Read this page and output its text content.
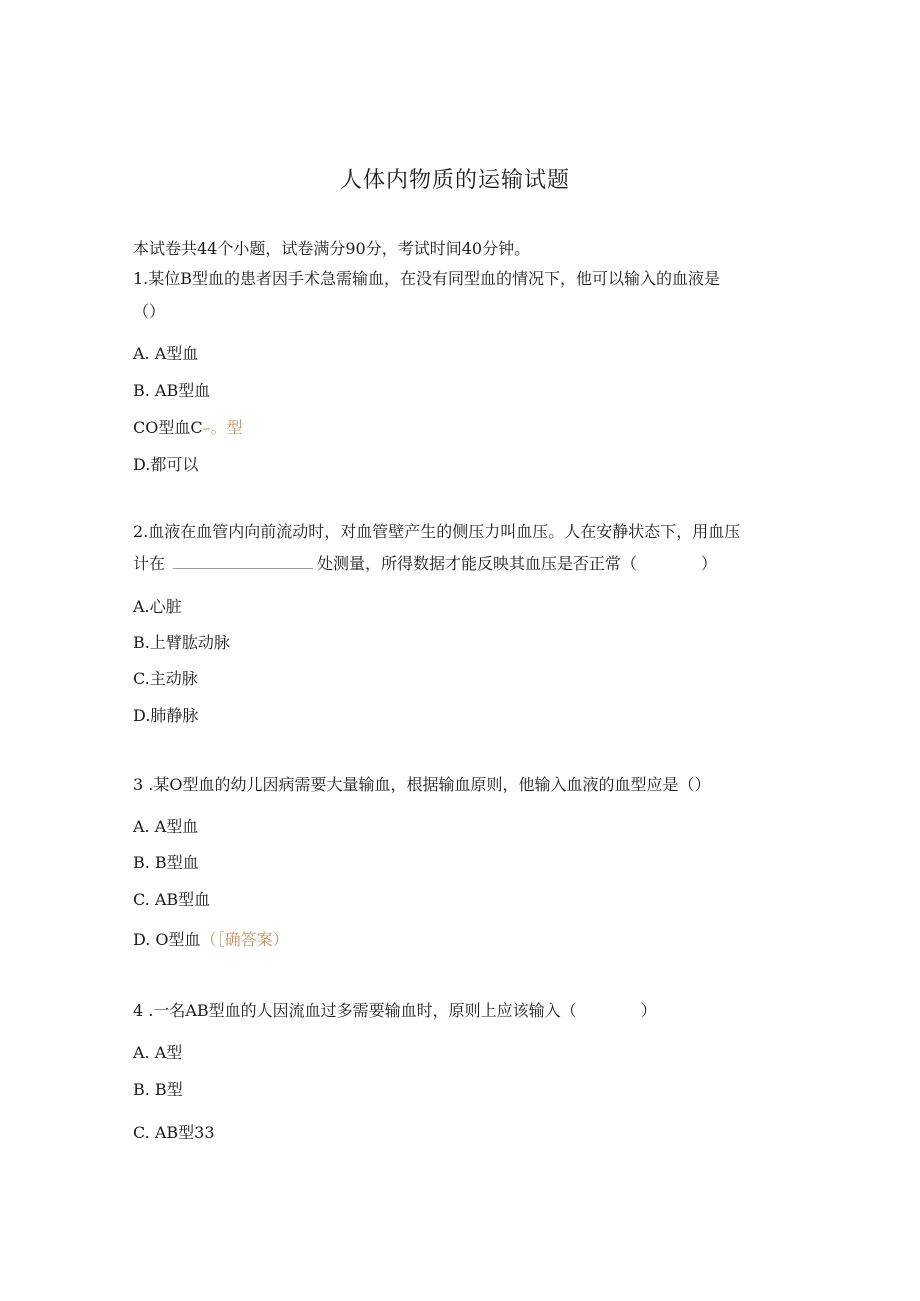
人体内物质的运输试题
本试卷共44个小题，试卷满分90分，考试时间40分钟。
1.某位B型血的患者因手术急需输血，在没有同型血的情况下，他可以输入的血液是
（）
A. A型血
B. AB型血
CO型血C–。型
D.都可以
2.血液在血管内向前流动时，对血管壁产生的侧压力叫血压。人在安静状态下，用血压
计在	处测量，所得数据才能反映其血压是否正常（	）
A.心脏
B.上臂肱动脉
C.主动脉
D.肺静脉
3 .某O型血的幼儿因病需要大量输血，根据输血原则，他输入血液的血型应是（）
A. A型血
B. B型血
C. AB型血
D. O型血（［确答案）
4 .一名AB型血的人因流血过多需要输血时，原则上应该输入（	）
A. A型
B. B型
C. AB型33
